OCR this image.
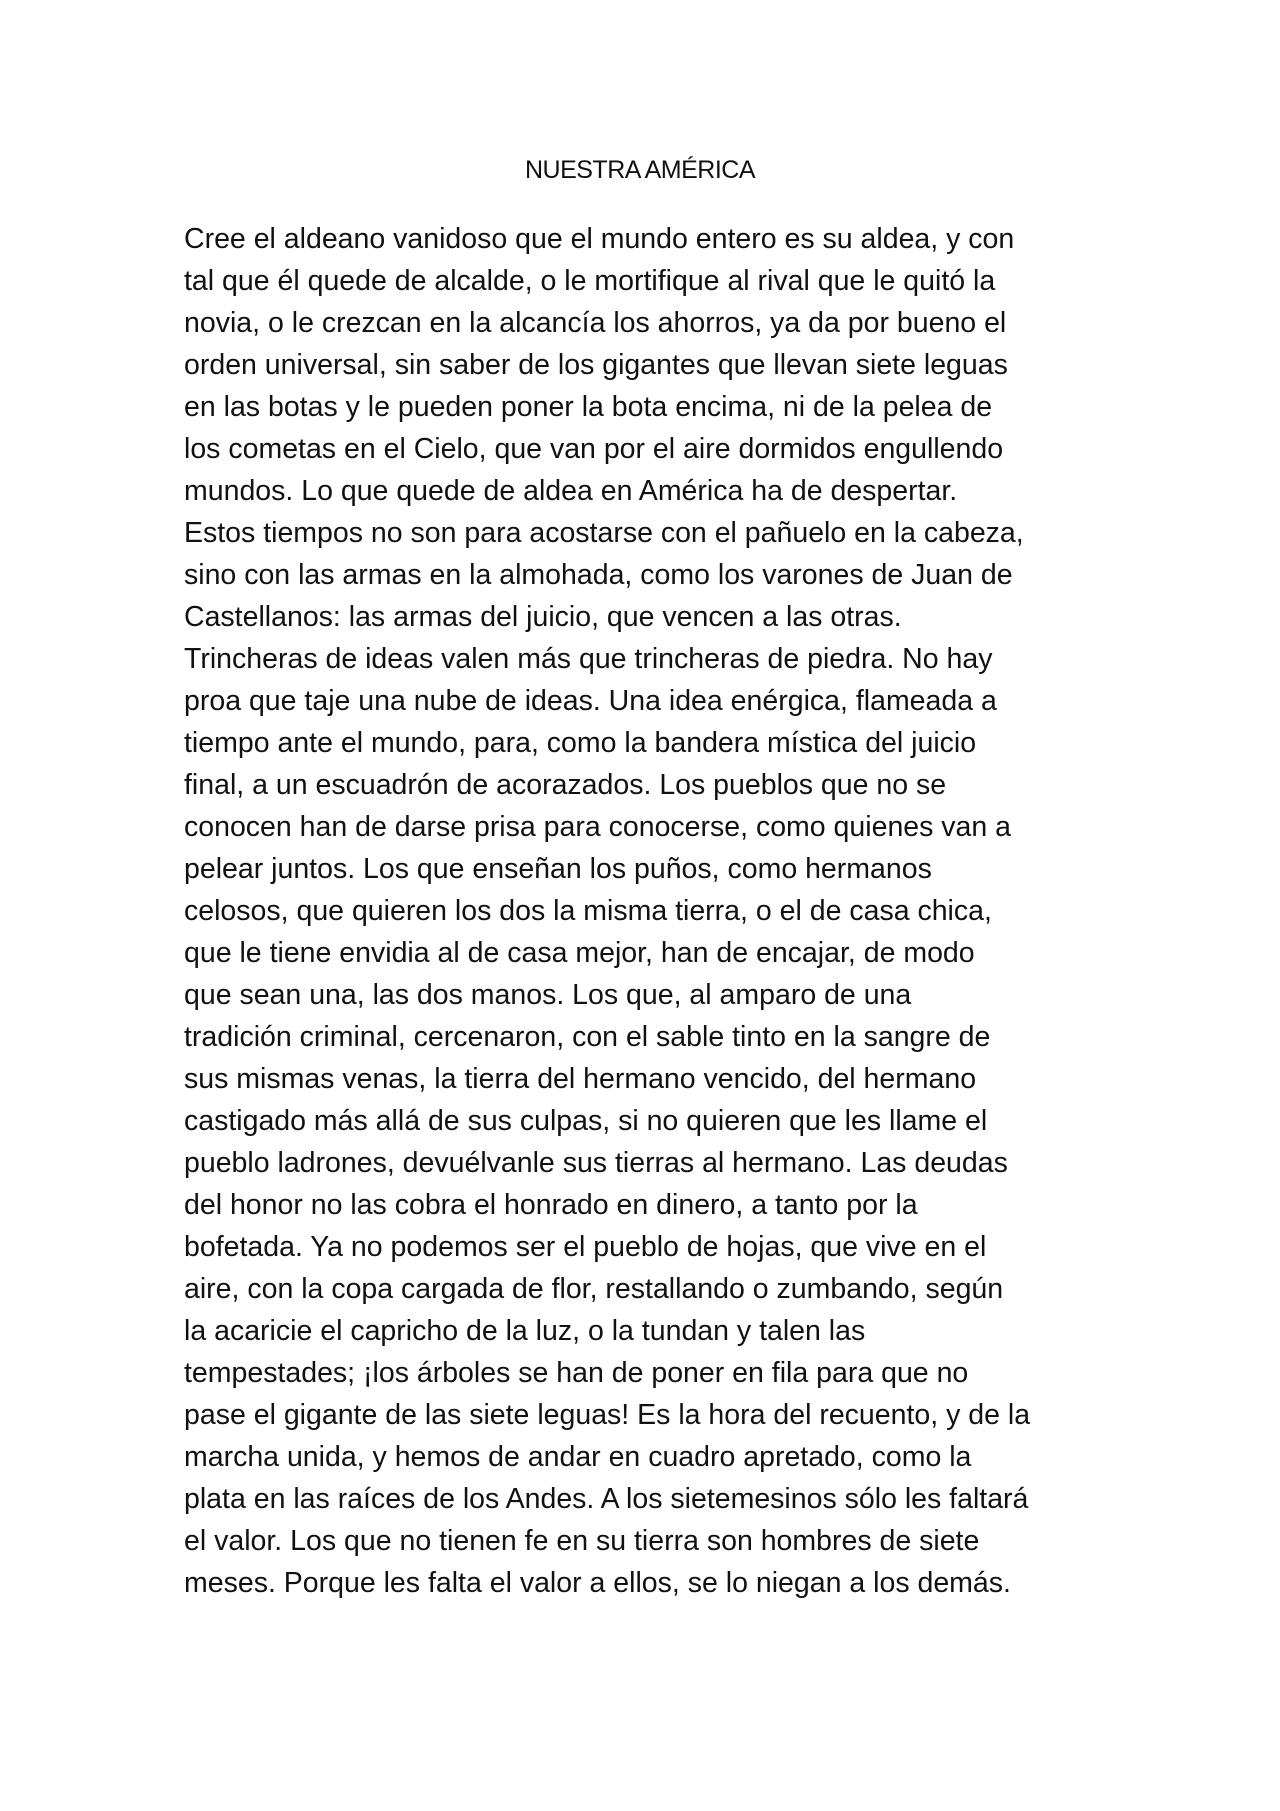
NUESTRA AMÉRICA
Cree el aldeano vanidoso que el mundo entero es su aldea, y con
tal que él quede de alcalde, o le mortifique al rival que le quitó la
novia, o le crezcan en la alcancía los ahorros, ya da por bueno el
orden universal, sin saber de los gigantes que llevan siete leguas
en las botas y le pueden poner la bota encima, ni de la pelea de
los cometas en el Cielo, que van por el aire dormidos engullendo
mundos. Lo que quede de aldea en América ha de despertar.
Estos tiempos no son para acostarse con el pañuelo en la cabeza,
sino con las armas en la almohada, como los varones de Juan de
Castellanos: las armas del juicio, que vencen a las otras.
Trincheras de ideas valen más que trincheras de piedra. No hay
proa que taje una nube de ideas. Una idea enérgica, flameada a
tiempo ante el mundo, para, como la bandera mística del juicio
final, a un escuadrón de acorazados. Los pueblos que no se
conocen han de darse prisa para conocerse, como quienes van a
pelear juntos. Los que enseñan los puños, como hermanos
celosos, que quieren los dos la misma tierra, o el de casa chica,
que le tiene envidia al de casa mejor, han de encajar, de modo
que sean una, las dos manos. Los que, al amparo de una
tradición criminal, cercenaron, con el sable tinto en la sangre de
sus mismas venas, la tierra del hermano vencido, del hermano
castigado más allá de sus culpas, si no quieren que les llame el
pueblo ladrones, devuélvanle sus tierras al hermano. Las deudas
del honor no las cobra el honrado en dinero, a tanto por la
bofetada. Ya no podemos ser el pueblo de hojas, que vive en el
aire, con la copa cargada de flor, restallando o zumbando, según
la acaricie el capricho de la luz, o la tundan y talen las
tempestades; ¡los árboles se han de poner en fila para que no
pase el gigante de las siete leguas! Es la hora del recuento, y de la
marcha unida, y hemos de andar en cuadro apretado, como la
plata en las raíces de los Andes. A los sietemesinos sólo les faltará
el valor. Los que no tienen fe en su tierra son hombres de siete
meses. Porque les falta el valor a ellos, se lo niegan a los demás.
